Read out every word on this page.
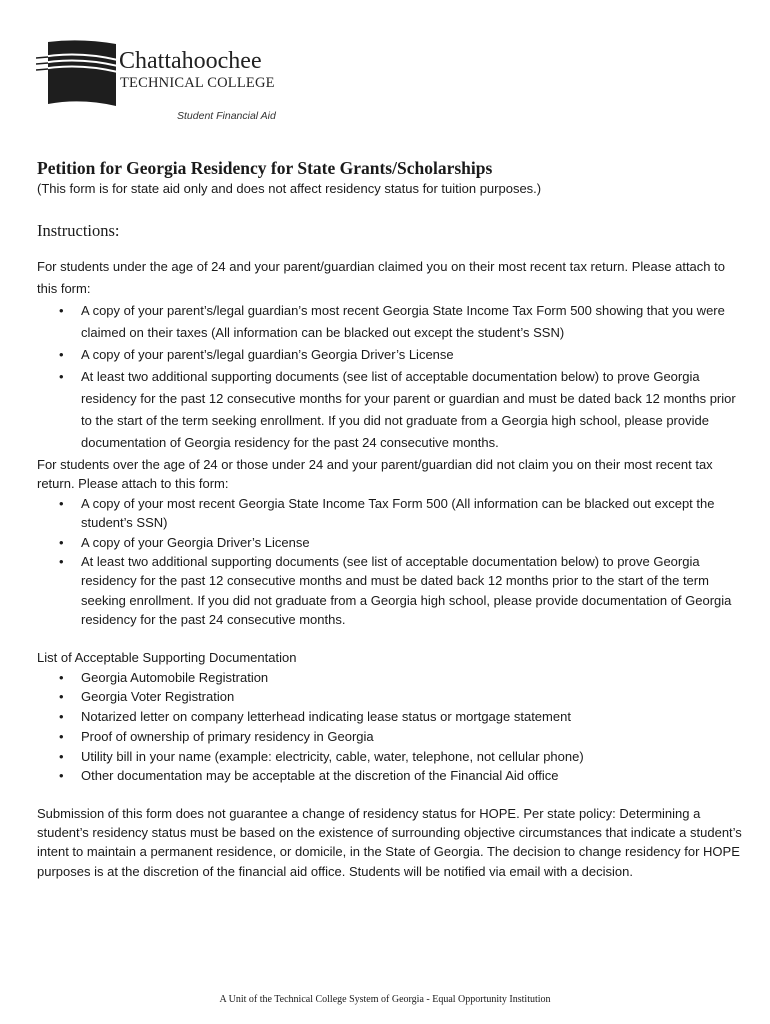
Chattahoochee
TECHNICAL COLLEGE
Student Financial Aid
Petition for Georgia Residency for State Grants/Scholarships
(This form is for state aid only and does not affect residency status for tuition purposes.)
Instructions:

For students under the age of 24 and your parent/guardian claimed you on their most recent tax return. Please attach to this form:

• A copy of your parent’s/legal guardian’s most recent Georgia State Income Tax Form 500 showing that you were claimed on their taxes (All information can be blacked out except the student’s SSN)
• A copy of your parent’s/legal guardian’s Georgia Driver’s License
• At least two additional supporting documents (see list of acceptable documentation below) to prove Georgia residency for the past 12 consecutive months for your parent or guardian and must be dated back 12 months prior to the start of the term seeking enrollment. If you did not graduate from a Georgia high school, please provide documentation of Georgia residency for the past 24 consecutive months.

For students over the age of 24 or those under 24 and your parent/guardian did not claim you on their most recent tax return. Please attach to this form:

• A copy of your most recent Georgia State Income Tax Form 500 (All information can be blacked out except the student’s SSN)
• A copy of your Georgia Driver’s License
• At least two additional supporting documents (see list of acceptable documentation below) to prove Georgia residency for the past 12 consecutive months and must be dated back 12 months prior to the start of the term seeking enrollment. If you did not graduate from a Georgia high school, please provide documentation of Georgia residency for the past 24 consecutive months.

List of Acceptable Supporting Documentation

• Georgia Automobile Registration
• Georgia Voter Registration
• Notarized letter on company letterhead indicating lease status or mortgage statement
• Proof of ownership of primary residency in Georgia
• Utility bill in your name (example: electricity, cable, water, telephone, not cellular phone)
• Other documentation may be acceptable at the discretion of the Financial Aid office

Submission of this form does not guarantee a change of residency status for HOPE. Per state policy: Determining a student’s residency status must be based on the existence of surrounding objective circumstances that indicate a student’s intent to maintain a permanent residence, or domicile, in the State of Georgia. The decision to change residency for HOPE purposes is at the discretion of the financial aid office. Students will be notified via email with a decision.

A Unit of the Technical College System of Georgia - Equal Opportunity Institution
